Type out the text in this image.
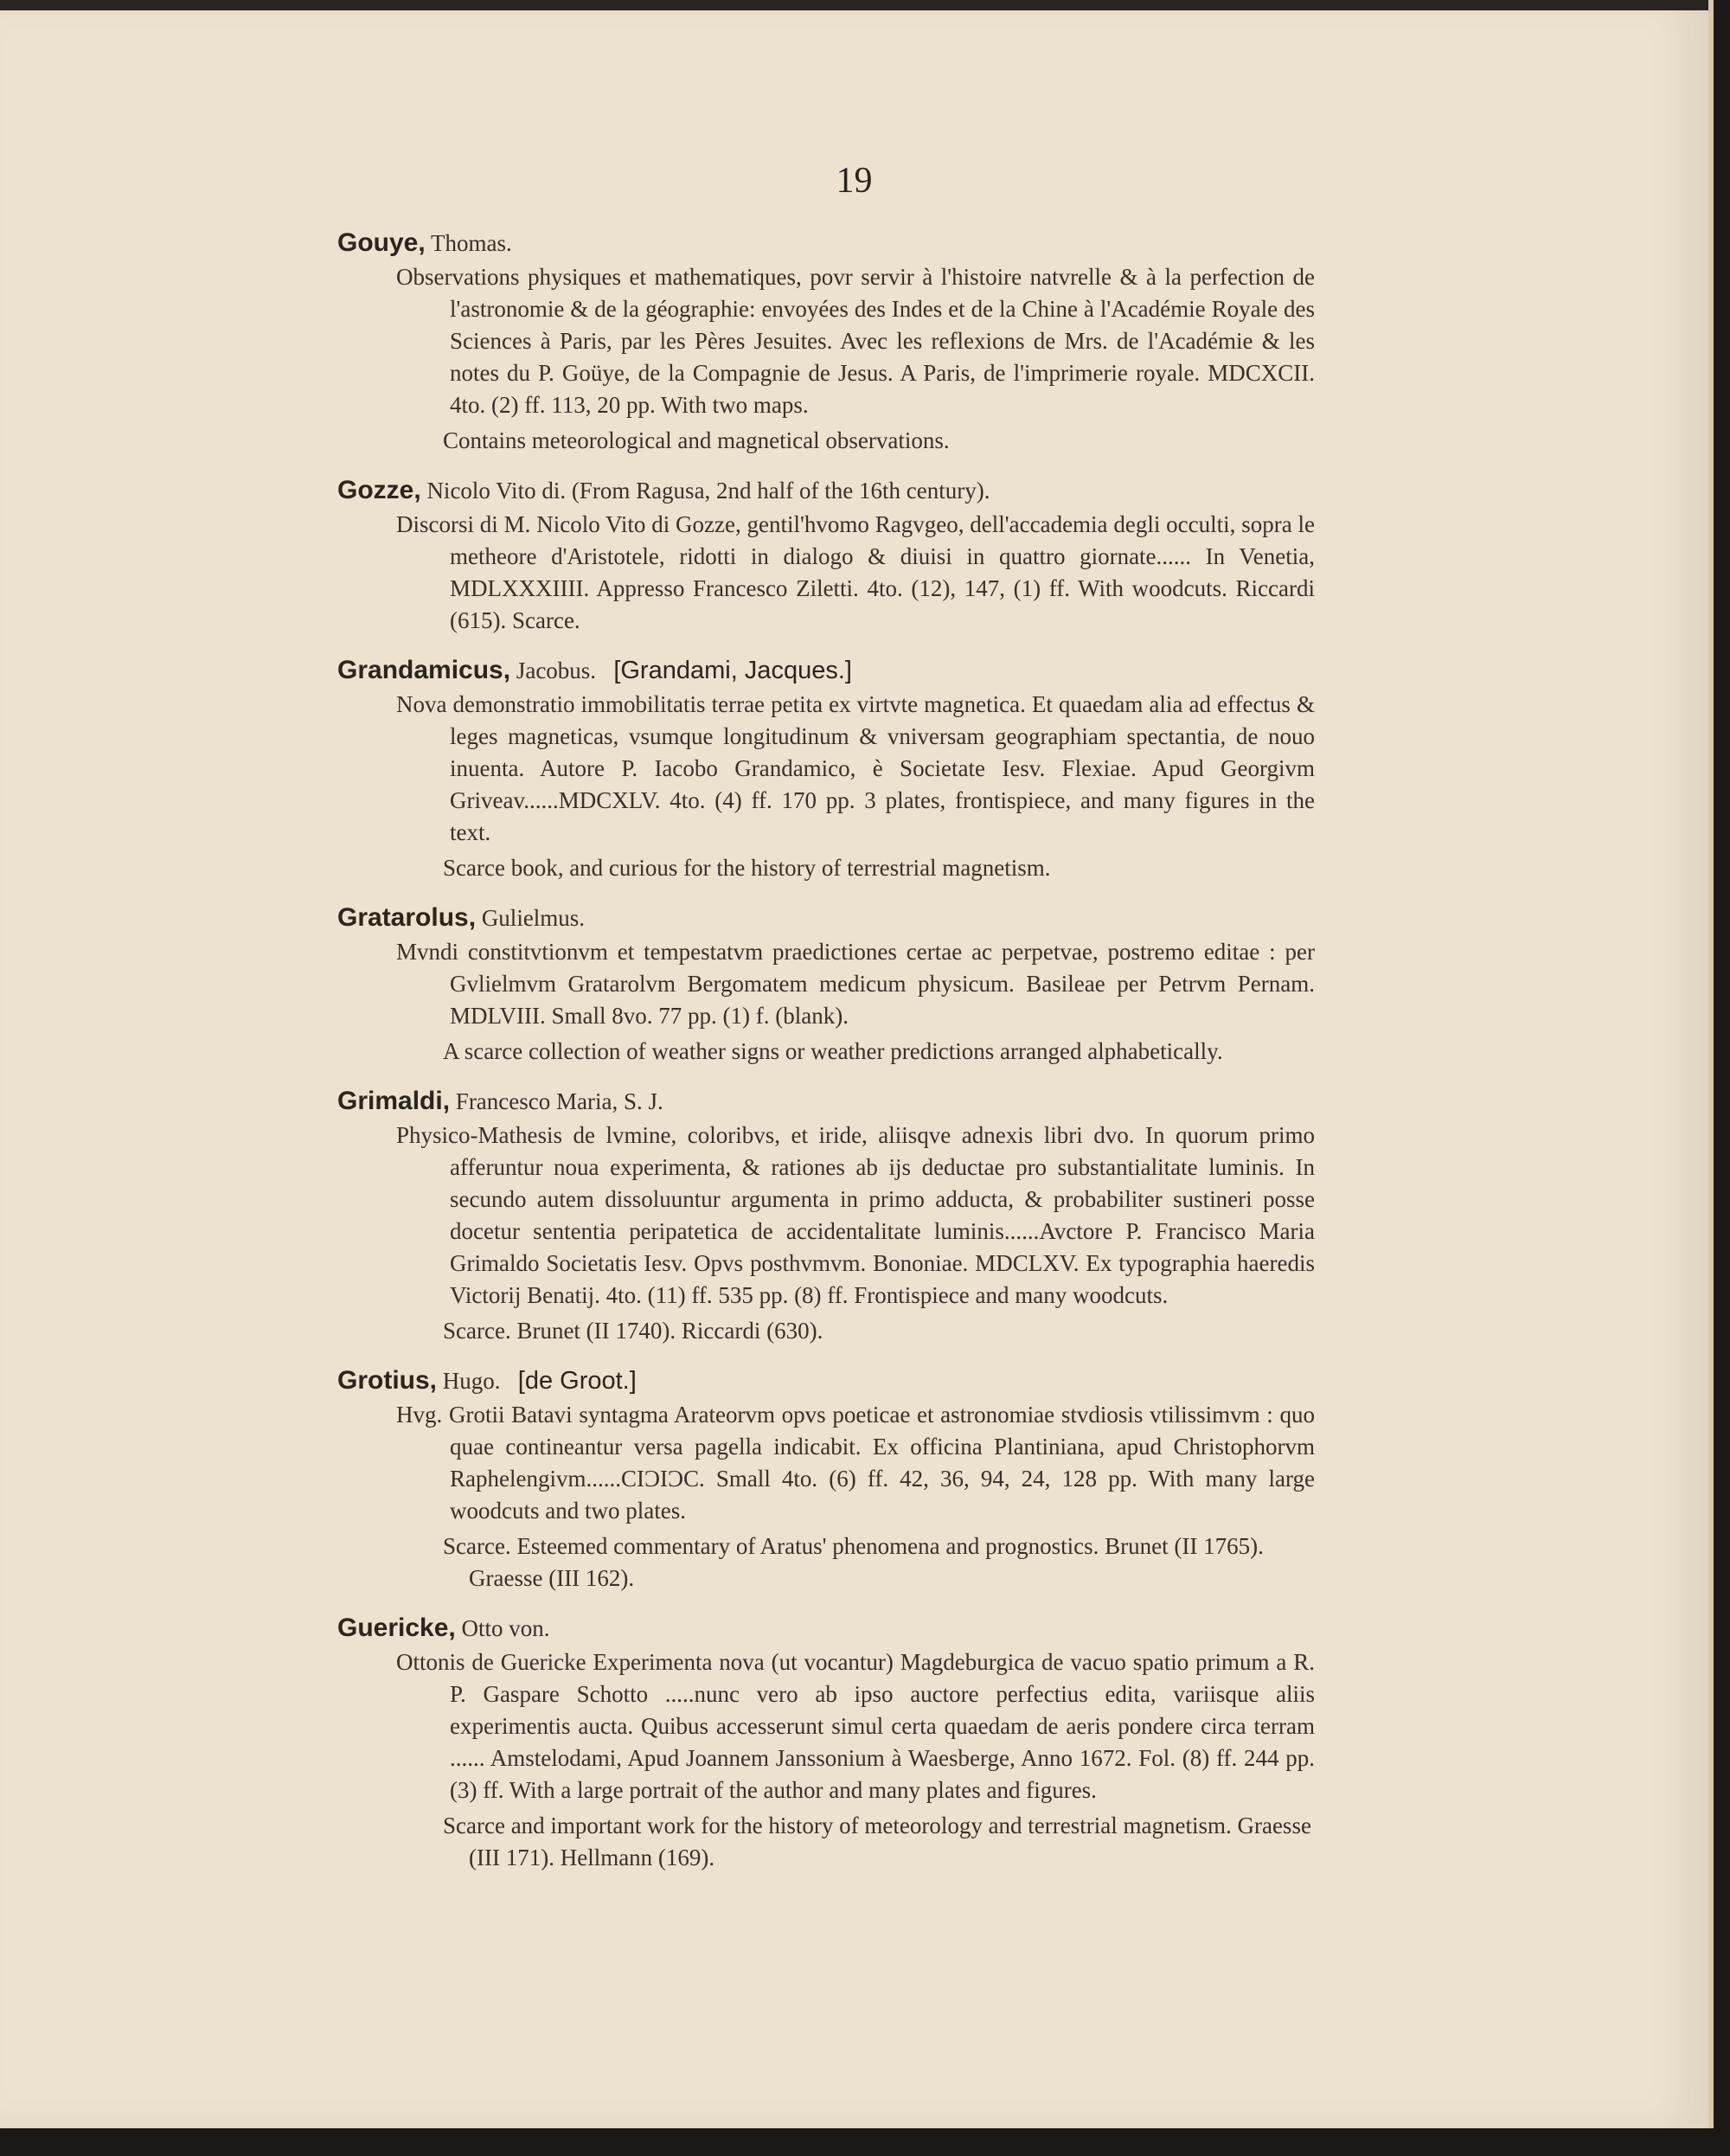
19

Gouye, Thomas.

Observations physiques et mathematiques, povr servir à l'histoire natvrelle & à la perfection de l'astronomie & de la géographie: envoyées des Indes et de la Chine à l'Académie Royale des Sciences à Paris, par les Pères Jesuites. Avec les reflexions de Mrs. de l'Académie & les notes du P. Goüye, de la Compagnie de Jesus. A Paris, de l'imprimerie royale. MDCXCII. 4to. (2) ff. 113, 20 pp. With two maps.

Contains meteorological and magnetical observations.

Gozze, Nicolo Vito di. (From Ragusa, 2nd half of the 16th century).

Discorsi di M. Nicolo Vito di Gozze, gentil'hvomo Ragvgeo, dell'accademia degli occulti, sopra le metheore d'Aristotele, ridotti in dialogo & diuisi in quattro giornate...... In Venetia, MDLXXXIIII. Appresso Francesco Ziletti. 4to. (12), 147, (1) ff. With woodcuts. Riccardi (615). Scarce.

Grandamicus, Jacobus. [Grandami, Jacques.]

Nova demonstratio immobilitatis terrae petita ex virtvte magnetica. Et quaedam alia ad effectus & leges magneticas, vsumque longitudinum & vniversam geographiam spectantia, de nouo inuenta. Autore P. Iacobo Grandamico, è Societate Iesv. Flexiae. Apud Georgivm Griveav......MDCXLV. 4to. (4) ff. 170 pp. 3 plates, frontispiece, and many figures in the text.

Scarce book, and curious for the history of terrestrial magnetism.

Gratarolus, Gulielmus.

Mvndi constitvtionvm et tempestatvm praedictiones certae ac perpetvae, postremo editae : per Gvlielmvm Gratarolvm Bergomatem medicum physicum. Basileae per Petrvm Pernam. MDLVIII. Small 8vo. 77 pp. (1) f. (blank).

A scarce collection of weather signs or weather predictions arranged alphabetically.

Grimaldi, Francesco Maria, S. J.

Physico-Mathesis de lvmine, coloribvs, et iride, aliisqve adnexis libri dvo. In quorum primo afferuntur noua experimenta, & rationes ab ijs deductae pro substantialitate luminis. In secundo autem dissoluuntur argumenta in primo adducta, & probabiliter sustineri posse docetur sententia peripatetica de accidentalitate luminis......Avctore P. Francisco Maria Grimaldo Societatis Iesv. Opvs posthvmvm. Bononiae. MDCLXV. Ex typographia haeredis Victorij Benatij. 4to. (11) ff. 535 pp. (8) ff. Frontispiece and many woodcuts.

Scarce. Brunet (II 1740). Riccardi (630).

Grotius, Hugo. [de Groot.]

Hvg. Grotii Batavi syntagma Arateorvm opvs poeticae et astronomiae stvdiosis vtilissimvm : quo quae contineantur versa pagella indicabit. Ex officina Plantiniana, apud Christophorvm Raphelengivm......CIƆIƆC. Small 4to. (6) ff. 42, 36, 94, 24, 128 pp. With many large woodcuts and two plates.

Scarce. Esteemed commentary of Aratus' phenomena and prognostics. Brunet (II 1765). Graesse (III 162).

Guericke, Otto von.

Ottonis de Guericke Experimenta nova (ut vocantur) Magdeburgica de vacuo spatio primum a R. P. Gaspare Schotto .....nunc vero ab ipso auctore perfectius edita, variisque aliis experimentis aucta. Quibus accesserunt simul certa quaedam de aeris pondere circa terram ...... Amstelodami, Apud Joannem Janssonium à Waesberge, Anno 1672. Fol. (8) ff. 244 pp. (3) ff. With a large portrait of the author and many plates and figures.

Scarce and important work for the history of meteorology and terrestrial magnetism. Graesse (III 171). Hellmann (169).
